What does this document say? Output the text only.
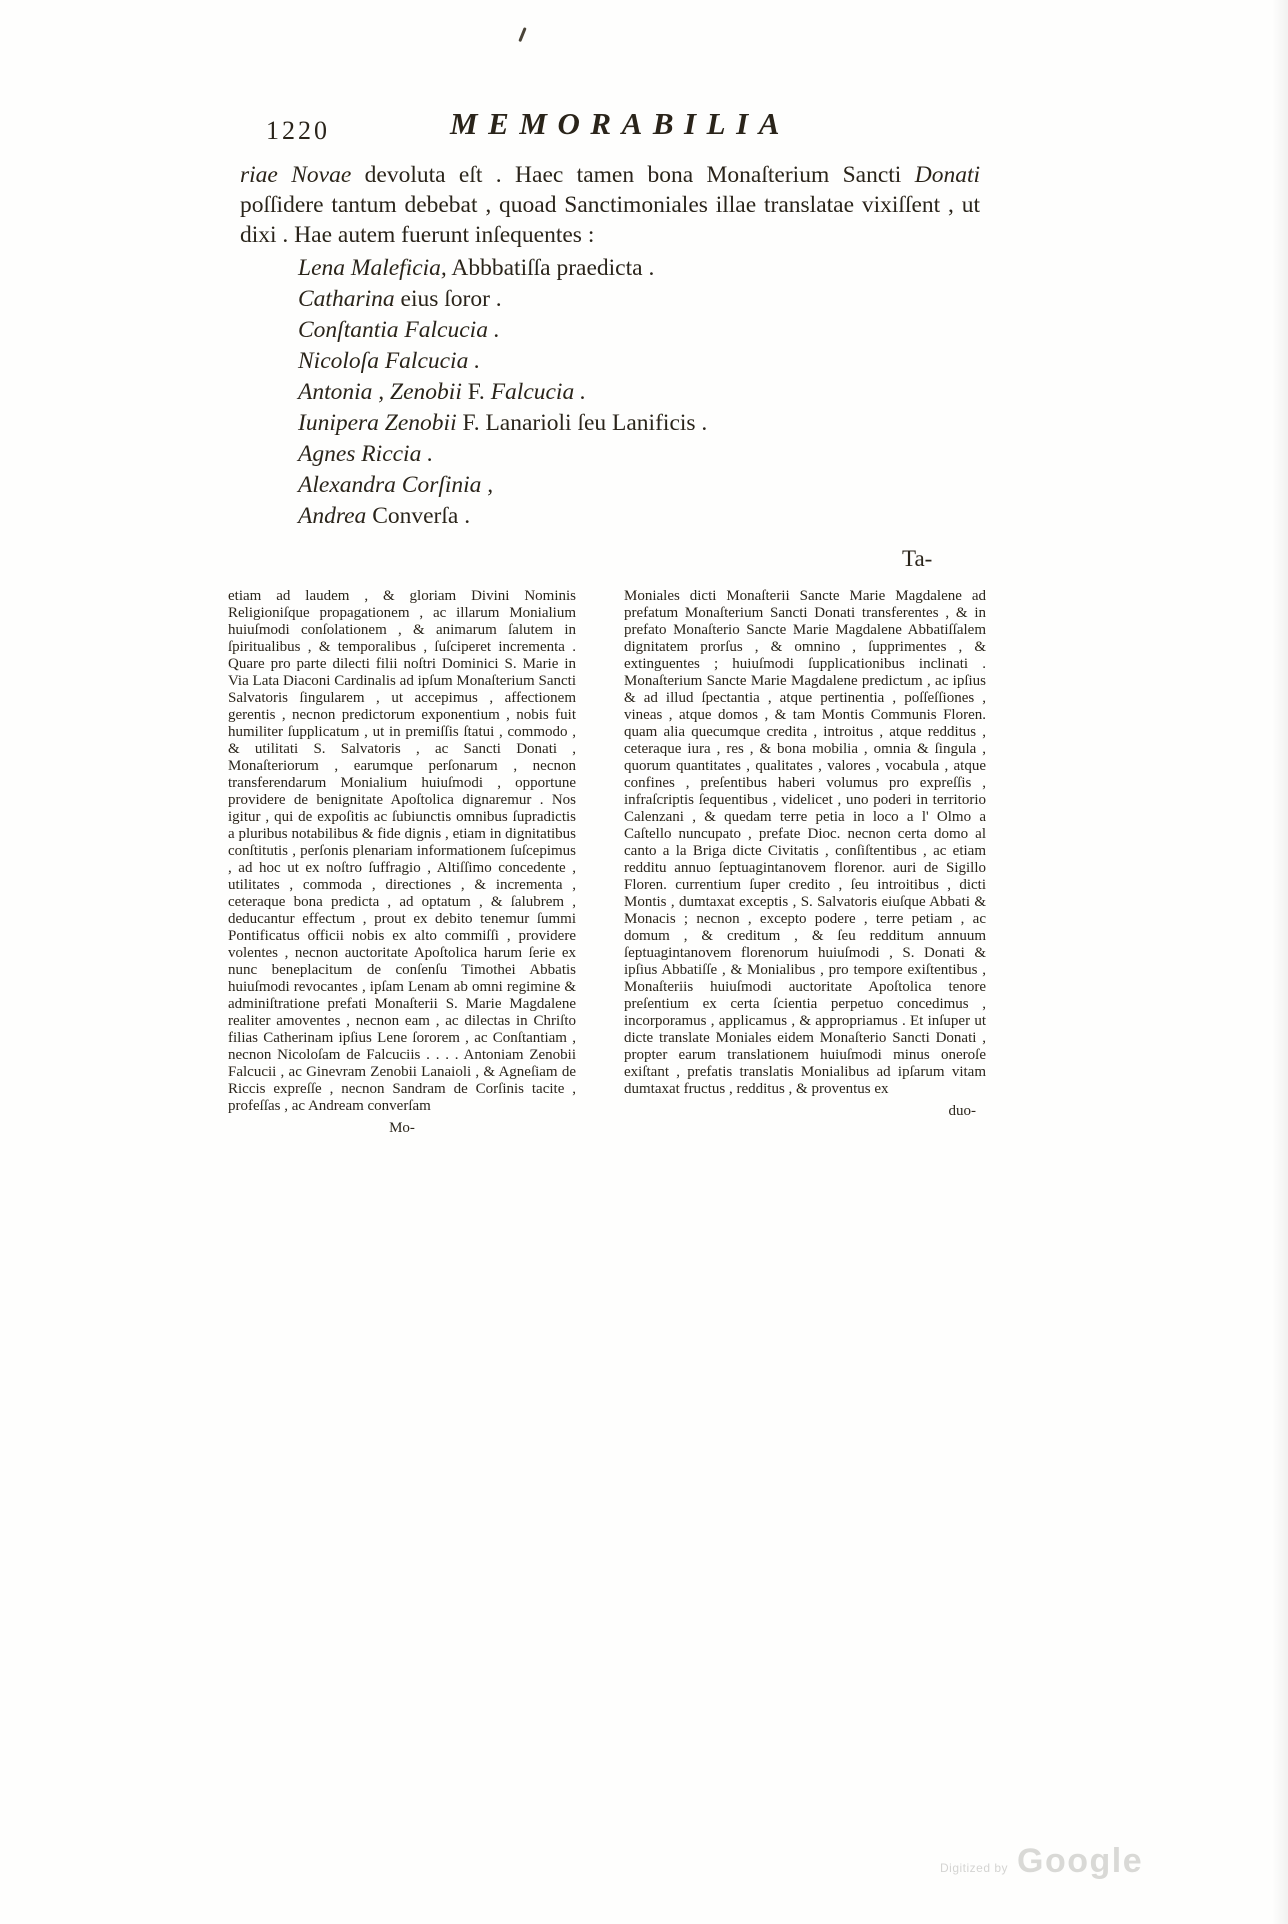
1220	MEMORABILIA
riae Novae devoluta eſt . Haec tamen bona Monaſterium Sancti Donati poſſidere tantum debebat , quoad Sanctimoniales illae translatae vixiſſent , ut dixi . Hae autem fuerunt inſequentes :
Lena Maleficia, Abbbatiſſa praedicta .
Catharina eius ſoror .
Conſtantia Falcucia .
Nicoloſa Falcucia .
Antonia , Zenobii F. Falcucia .
Iunipera Zenobii F. Lanarioli ſeu Lanificis .
Agnes Riccia .
Alexandra Corſinia ,
Andrea Converſa .
Ta-
etiam ad laudem , & gloriam Divini Nominis Religioniſque propagationem , ac illarum Monialium huiuſmodi conſolationem , & animarum ſalutem in ſpiritualibus , & temporalibus , ſuſciperet incrementa . Quare pro parte dilecti filii noſtri Dominici S. Marie in Via Lata Diaconi Cardinalis ad ipſum Monaſterium Sancti Salvatoris ſingularem , ut accepimus , affectionem gerentis , necnon predictorum exponentium , nobis fuit humiliter ſupplicatum , ut in premiſſis ſtatui , commodo , & utilitati S. Salvatoris , ac Sancti Donati , Monaſteriorum , earumque perſonarum , necnon transferendarum Monialium huiuſmodi , opportune providere de benignitate Apoſtolica dignaremur . Nos igitur , qui de expoſitis ac ſubiunctis omnibus ſupradictis a pluribus notabilibus & fide dignis , etiam in dignitatibus conſtitutis , perſonis plenariam informationem ſuſcepimus , ad hoc ut ex noſtro ſuffragio , Altiſſimo concedente , utilitates , commoda , directiones , & incrementa , ceteraque bona predicta , ad optatum , & ſalubrem , deducantur effectum , prout ex debito tenemur ſummi Pontificatus officii nobis ex alto commiſſi , providere volentes , necnon auctoritate Apoſtolica harum ſerie ex nunc beneplacitum de conſenſu Timothei Abbatis huiuſmodi revocantes , ipſam Lenam ab omni regimine & adminiſtratione prefati Monaſterii S. Marie Magdalene realiter amoventes , necnon eam , ac dilectas in Chriſto filias Catherinam ipſius Lene ſororem , ac Conſtantiam , necnon Nicoloſam de Falcuciis . . . . Antoniam Zenobii Falcucii , ac Ginevram Zenobii Lanaioli , & Agneſiam de Riccis expreſſe , necnon Sandram de Corſinis tacite , profeſſas , ac Andream converſam
Mo-
Moniales dicti Monaſterii Sancte Marie Magdalene ad prefatum Monaſterium Sancti Donati transferentes , & in prefato Monaſterio Sancte Marie Magdalene Abbatiſſalem dignitatem prorſus , & omnino , ſupprimentes , & extinguentes ; huiuſmodi ſupplicationibus inclinati . Monaſterium Sancte Marie Magdalene predictum , ac ipſius & ad illud ſpectantia , atque pertinentia , poſſeſſiones , vineas , atque domos , & tam Montis Communis Floren. quam alia quecumque credita , introitus , atque redditus , ceteraque iura , res , & bona mobilia , omnia & ſingula , quorum quantitates , qualitates , valores , vocabula , atque confines , preſentibus haberi volumus pro expreſſis , infraſcriptis ſequentibus , videlicet , uno poderi in territorio Calenzani , & quedam terre petia in loco a l' Olmo a Caſtello nuncupato , prefate Dioc. necnon certa domo al canto a la Briga dicte Civitatis , conſiſtentibus , ac etiam redditu annuo ſeptuagintanovem florenor. auri de Sigillo Floren. currentium ſuper credito , ſeu introitibus , dicti Montis , dumtaxat exceptis , S. Salvatoris eiuſque Abbati & Monacis ; necnon , excepto podere , terre petiam , ac domum , & creditum , & ſeu redditum annuum ſeptuagintanovem florenorum huiuſmodi , S. Donati & ipſius Abbatiſſe , & Monialibus , pro tempore exiſtentibus , Monaſteriis huiuſmodi auctoritate Apoſtolica tenore preſentium ex certa ſcientia perpetuo concedimus , incorporamus , applicamus , & appropriamus . Et inſuper ut dicte translate Moniales eidem Monaſterio Sancti Donati , propter earum translationem huiuſmodi minus oneroſe exiſtant , prefatis translatis Monialibus ad ipſarum vitam dumtaxat fructus , redditus , & proventus ex
duo-
Digitized by Google
